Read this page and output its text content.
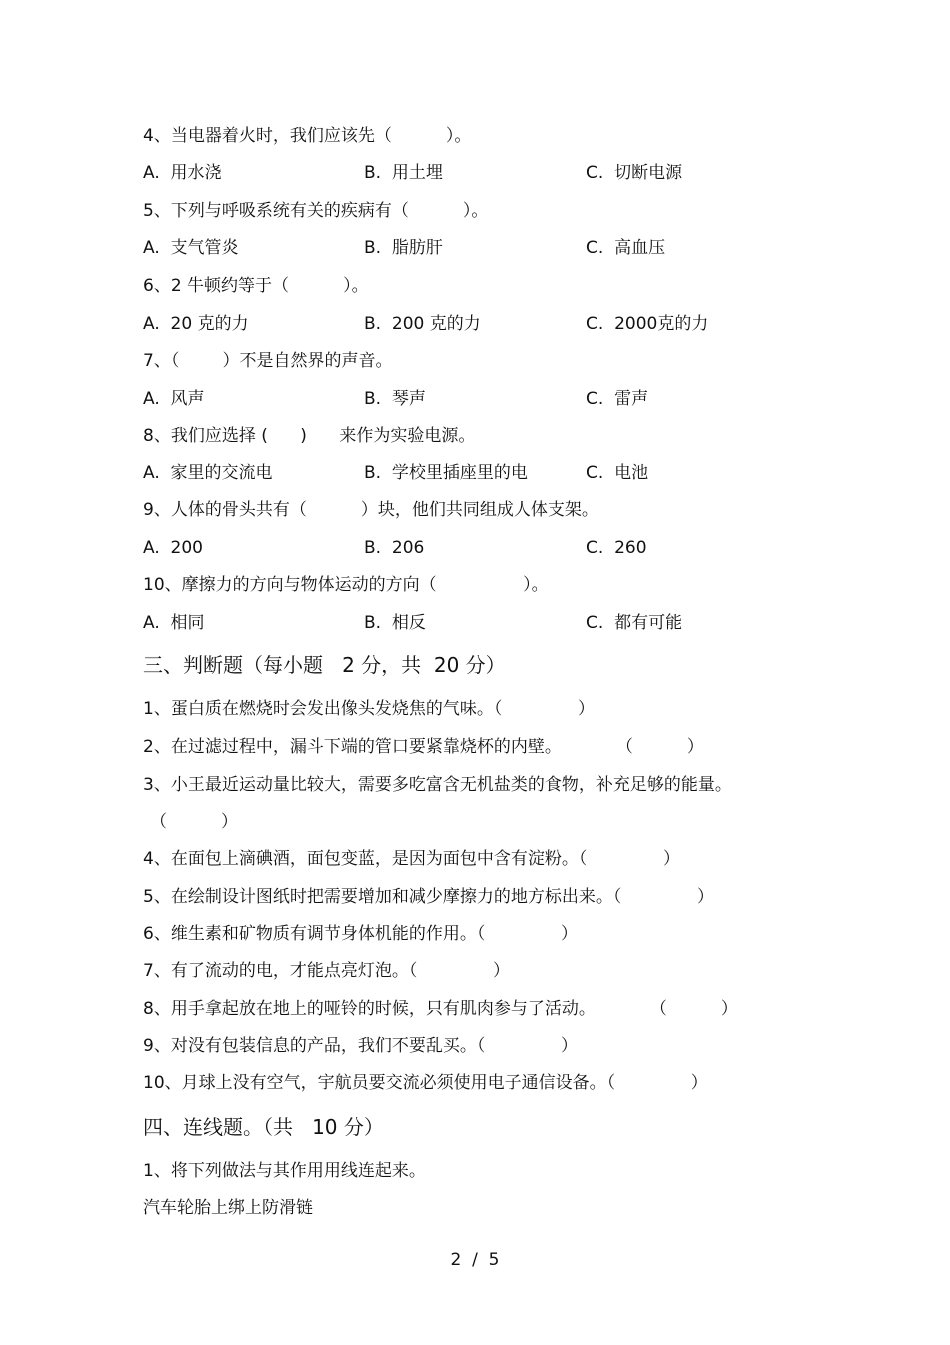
4、当电器着火时，我们应该先（          ）。
A.  用水浇	B.  用土埋	C.  切断电源
5、下列与呼吸系统有关的疾病有（          ）。
A.  支气管炎	B.  脂肪肝	C.  高血压
6、2 牛顿约等于（          ）。
A.  20 克的力	B.  200 克的力	C.  2000克的力
7、（        ）不是自然界的声音。
A.  风声	B.  琴声	C.  雷声
8、我们应选择 (      )      来作为实验电源。
A.  家里的交流电	B.  学校里插座里的电	C.  电池
9、人体的骨头共有（          ）块，他们共同组成人体支架。
A.  200	B.  206	C.  260
10、摩擦力的方向与物体运动的方向（                ）。
A.  相同	B.  相反	C.  都有可能
三、判断题（每小题   2 分，共  20 分）
1、蛋白质在燃烧时会发出像头发烧焦的气味。（              ）
2、在过滤过程中，漏斗下端的管口要紧靠烧杯的内壁。          （          ）
3、小王最近运动量比较大，需要多吃富含无机盐类的食物，补充足够的能量。
（          ）
4、在面包上滴碘酒，面包变蓝，是因为面包中含有淀粉。（              ）
5、在绘制设计图纸时把需要增加和减少摩擦力的地方标出来。（              ）
6、维生素和矿物质有调节身体机能的作用。（              ）
7、有了流动的电，才能点亮灯泡。（              ）
8、用手拿起放在地上的哑铃的时候，只有肌肉参与了活动。          （          ）
9、对没有包装信息的产品，我们不要乱买。（              ）
10、月球上没有空气，宇航员要交流必须使用电子通信设备。（              ）
四、连线题。（共   10 分）
1、将下列做法与其作用用线连起来。
汽车轮胎上绑上防滑链
2  /  5
